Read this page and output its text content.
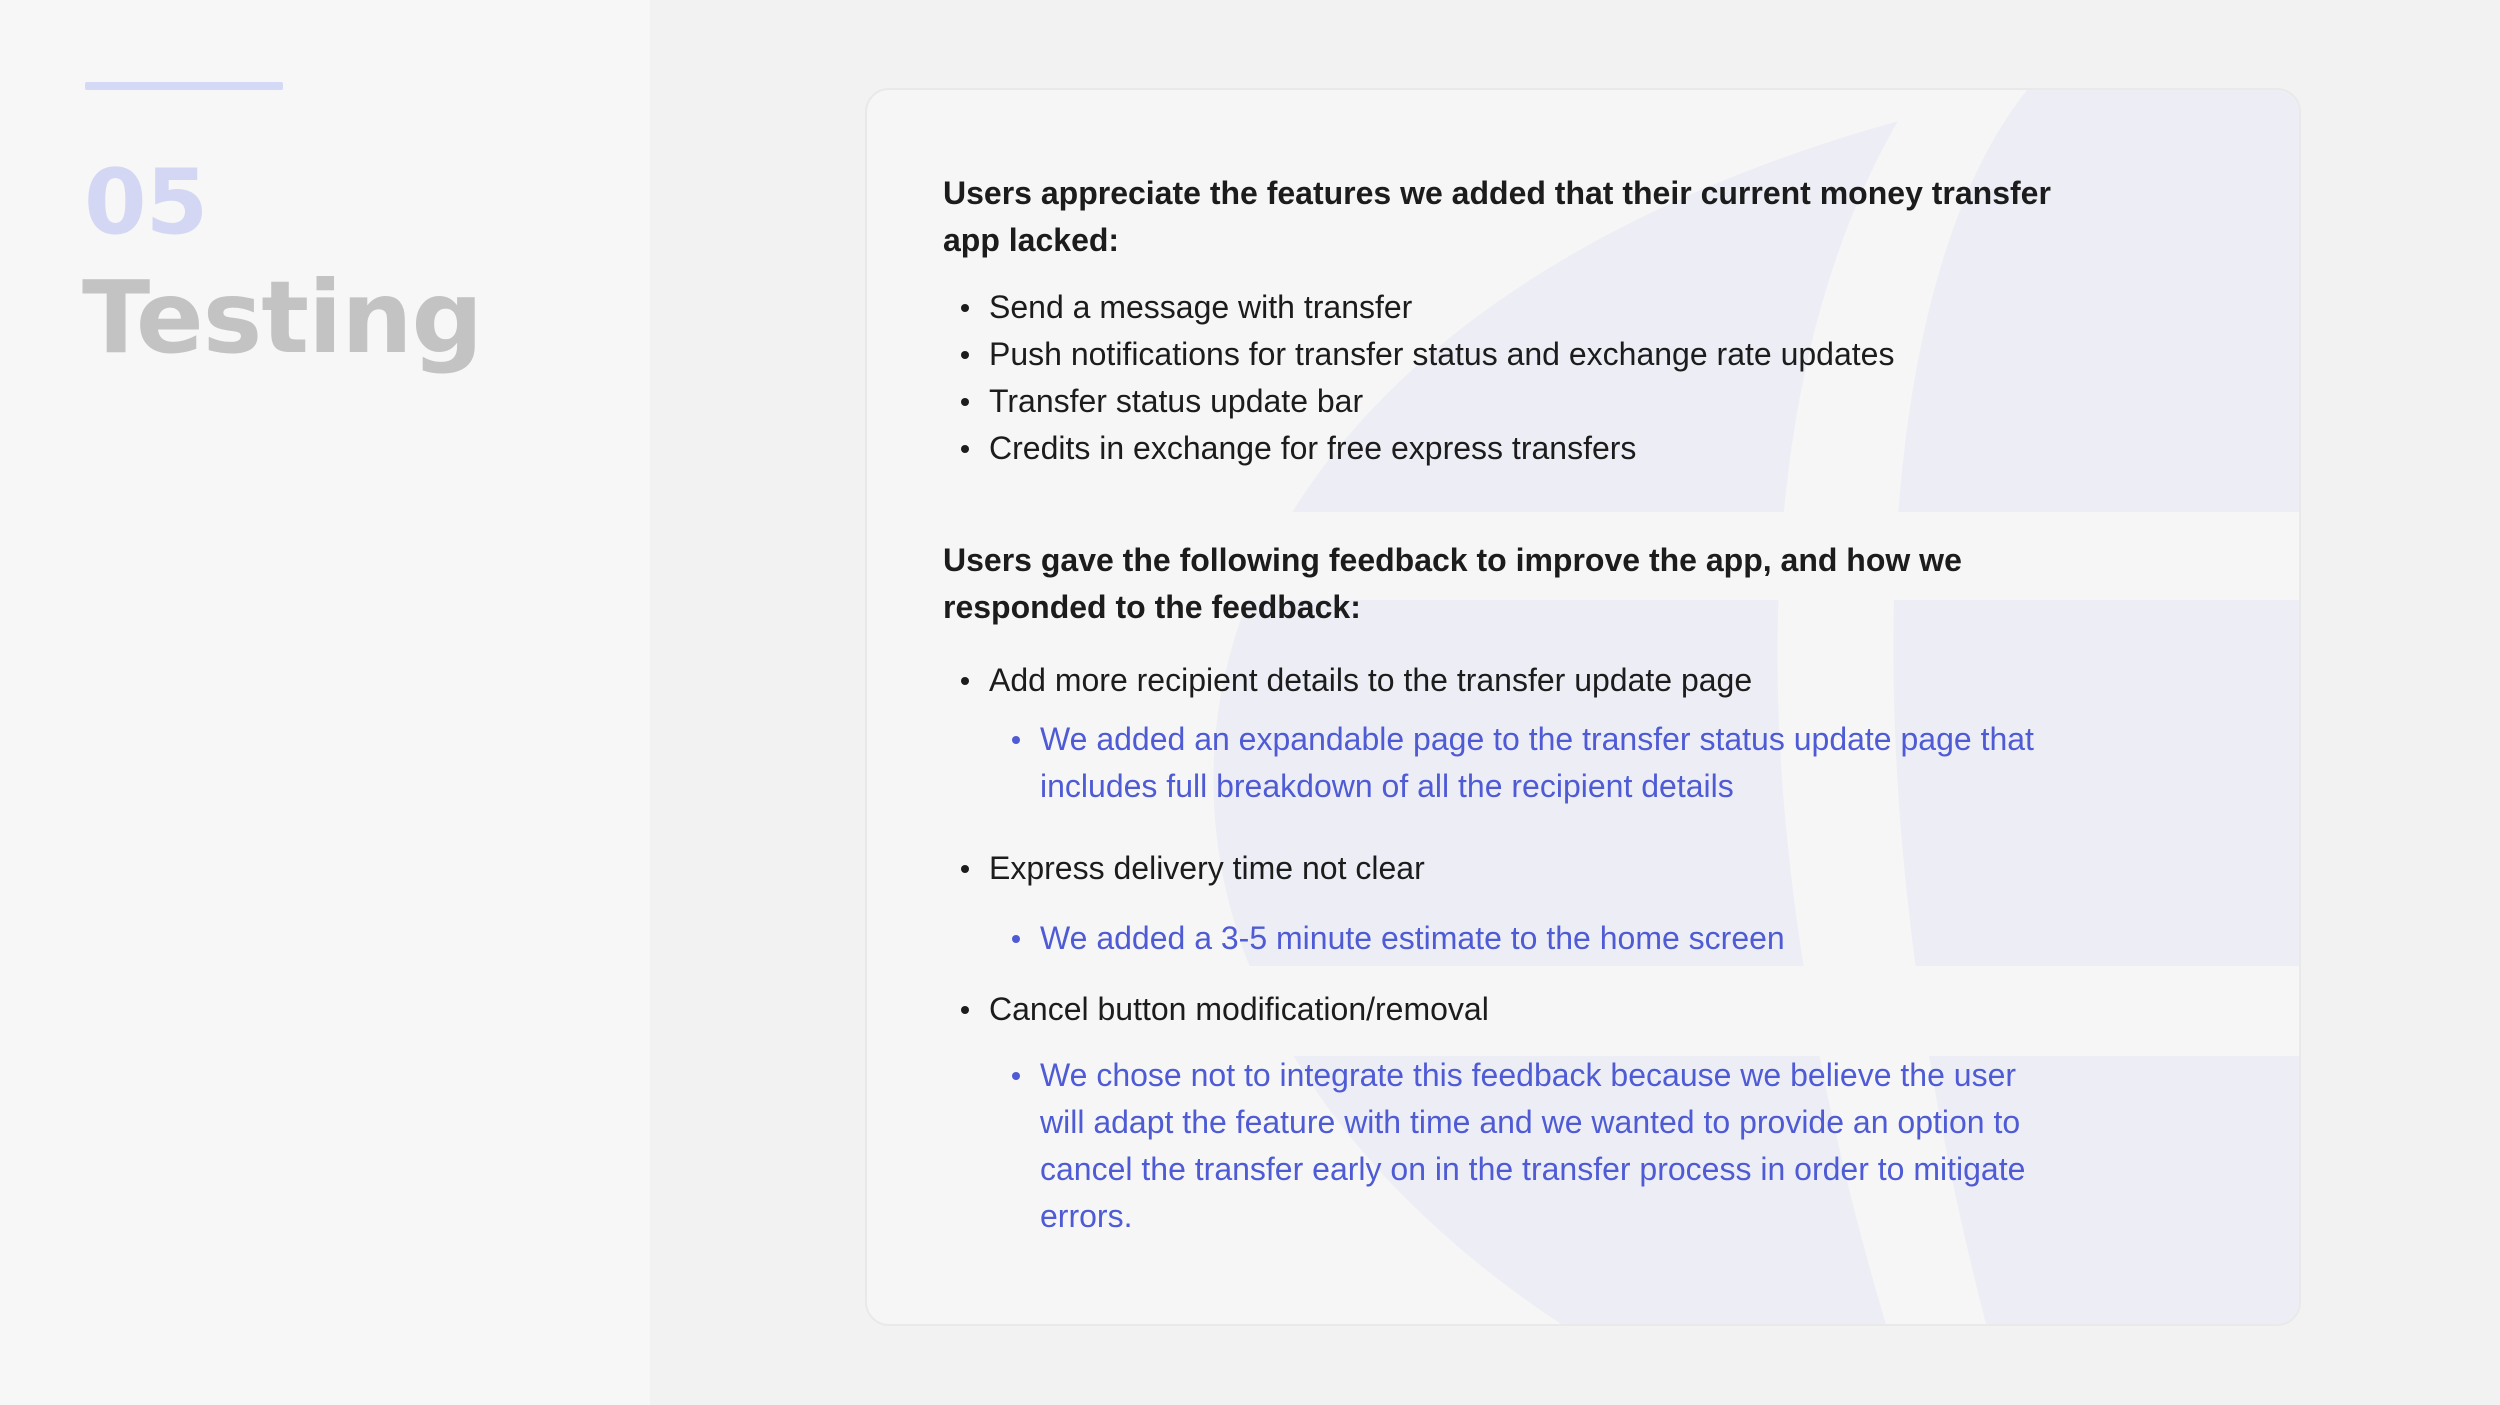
05
Testing

Users appreciate the features we added that their current money transfer app lacked:

Send a message with transfer
Push notifications for transfer status and exchange rate updates
Transfer status update bar
Credits in exchange for free express transfers

Users gave the following feedback to improve the app, and how we responded to the feedback:

Add more recipient details to the transfer update page
We added an expandable page to the transfer status update page that includes full breakdown of all the recipient details
Express delivery time not clear
We added a 3-5 minute estimate to the home screen
Cancel button modification/removal
We chose not to integrate this feedback because we believe the user will adapt the feature with time and we wanted to provide an option to cancel the transfer early on in the transfer process in order to mitigate errors.
